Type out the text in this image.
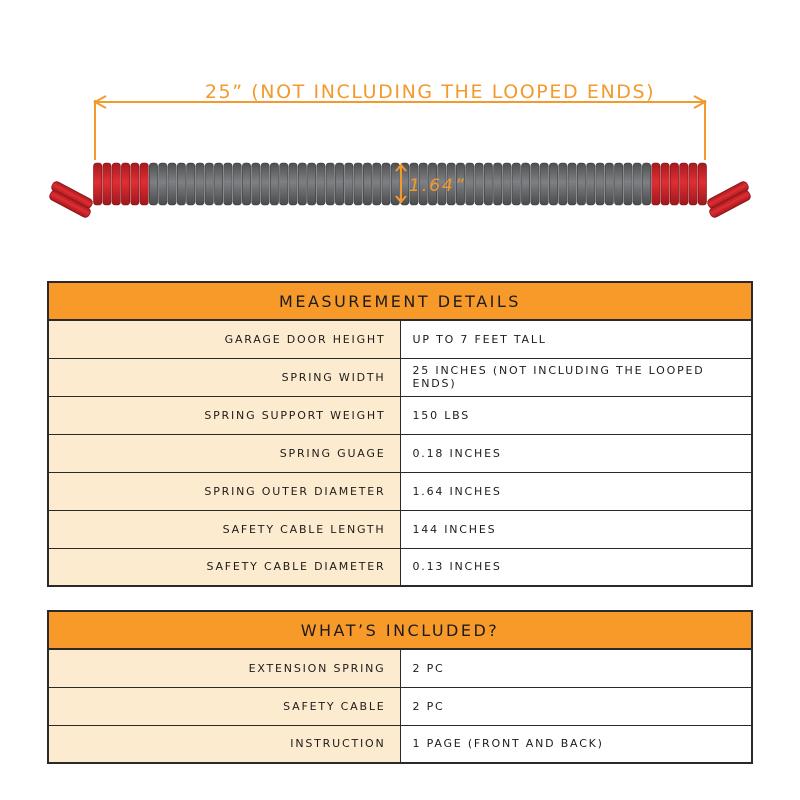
25” (NOT INCLUDING THE LOOPED ENDS)
1.64”
MEASUREMENT DETAILS	
GARAGE DOOR HEIGHT	UP TO 7 FEET TALL
SPRING WIDTH	25 INCHES (NOT INCLUDING THE LOOPED ENDS)
SPRING SUPPORT WEIGHT	150 LBS
SPRING GUAGE	0.18 INCHES
SPRING OUTER DIAMETER	1.64 INCHES
SAFETY CABLE LENGTH	144 INCHES
SAFETY CABLE DIAMETER	0.13 INCHES
WHAT’S INCLUDED?	
EXTENSION SPRING	2 PC
SAFETY CABLE	2 PC
INSTRUCTION	1 PAGE (FRONT AND BACK)
